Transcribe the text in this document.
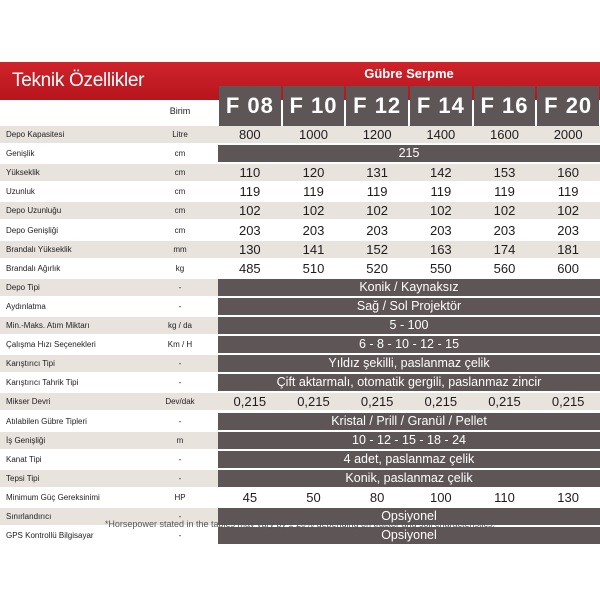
Teknik Özellikler	Gübre Serpme
F 08 F 10 F 12 F 14 F 16 F 20
Birim
Depo Kapasitesi	Litre	800	1000	1200	1400	1600	2000
Genişlik	cm	215
Yükseklik	cm	110	120	131	142	153	160
Uzunluk	cm	119	119	119	119	119	119
Depo Uzunluğu	cm	102	102	102	102	102	102
Depo Genişliği	cm	203	203	203	203	203	203
Brandalı Yükseklik	mm	130	141	152	163	174	181
Brandalı Ağırlık	kg	485	510	520	550	560	600
Depo Tipi	-	Konik / Kaynaksız
Aydınlatma	-	Sağ / Sol Projektör
Min.-Maks. Atım Miktarı	kg / da	5 - 100
Çalışma Hızı Seçenekleri	Km / H	6 - 8 - 10 - 12 - 15
Karıştırıcı Tipi	-	Yıldız şekilli, paslanmaz çelik
Karıştırıcı Tahrik Tipi	-	Çift aktarmalı, otomatik gergili, paslanmaz zincir
Mikser Devri	Dev/dak	0,215	0,215	0,215	0,215	0,215	0,215
Atılabilen Gübre Tipleri	-	Kristal / Prill / Granül / Pellet
İş Genişliği	m	10 - 12 - 15 - 18 - 24
Kanat Tipi	-	4 adet, paslanmaz çelik
Tepsi Tipi	-	Konik, paslanmaz çelik
Minimum Güç Gereksinimi	HP	45	50	80	100	110	130
Sınırlandırıcı	-	Opsiyonel
GPS Kontrollü Bilgisayar	-	Opsiyonel
*Horsepower stated in the tables may vary by ± 20% depending on tractor and soil characteristics.
